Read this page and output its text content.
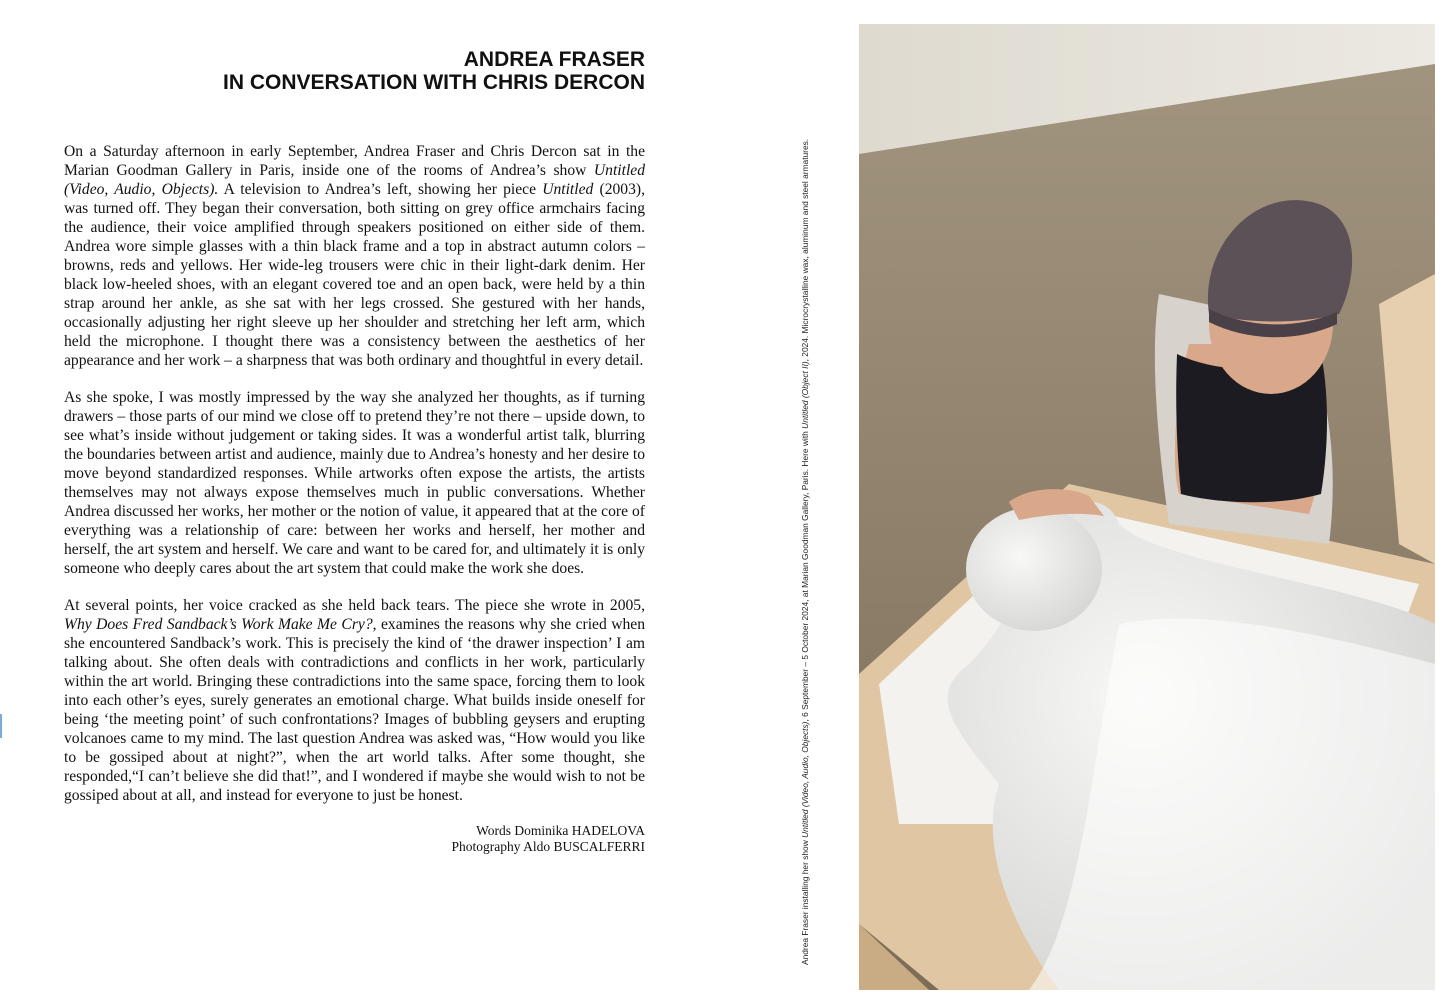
ANDREA FRASER
IN CONVERSATION WITH CHRIS DERCON

On a Saturday afternoon in early September, Andrea Fraser and Chris Dercon sat in the Marian Goodman Gallery in Paris, inside one of the rooms of Andrea’s show Untitled (Video, Audio, Objects). A television to Andrea’s left, showing her piece Untitled (2003), was turned off. They began their conversation, both sitting on grey office armchairs facing the audience, their voice amplified through speakers positioned on either side of them. Andrea wore simple glasses with a thin black frame and a top in abstract autumn colors – browns, reds and yellows. Her wide-leg trousers were chic in their light-dark denim. Her black low-heeled shoes, with an elegant covered toe and an open back, were held by a thin strap around her ankle, as she sat with her legs crossed. She gestured with her hands, occasionally adjusting her right sleeve up her shoulder and stretching her left arm, which held the microphone. I thought there was a consistency between the aesthetics of her appearance and her work – a sharpness that was both ordinary and thoughtful in every detail.

As she spoke, I was mostly impressed by the way she analyzed her thoughts, as if turning drawers – those parts of our mind we close off to pretend they’re not there – upside down, to see what’s inside without judgement or taking sides. It was a wonderful artist talk, blurring the boundaries between artist and audience, mainly due to Andrea’s honesty and her desire to move beyond standardized responses. While artworks often expose the artists, the artists themselves may not always expose themselves much in public conversations. Whether Andrea discussed her works, her mother or the notion of value, it appeared that at the core of everything was a relationship of care: between her works and herself, her mother and herself, the art system and herself. We care and want to be cared for, and ultimately it is only someone who deeply cares about the art system that could make the work she does.

At several points, her voice cracked as she held back tears. The piece she wrote in 2005, Why Does Fred Sandback’s Work Make Me Cry?, examines the reasons why she cried when she encountered Sandback’s work. This is precisely the kind of ‘the drawer inspection’ I am talking about. She often deals with contradictions and conflicts in her work, particularly within the art world. Bringing these contradictions into the same space, forcing them to look into each other’s eyes, surely generates an emotional charge. What builds inside oneself for being ‘the meeting point’ of such confrontations? Images of bubbling geysers and erupting volcanoes came to my mind. The last question Andrea was asked was, “How would you like to be gossiped about at night?”, when the art world talks. After some thought, she responded,“I can’t believe she did that!”, and I wondered if maybe she would wish to not be gossiped about at all, and instead for everyone to just be honest.

Words Dominika HADELOVA
Photography Aldo BUSCALFERRI	Andrea Fraser installing her show Untitled (Video, Audio, Objects), 6 September – 5 October 2024, at Marian Goodman Gallery, Paris. Here with Untitled (Object II), 2024. Microcrystalline wax, aluminum and steel armatures.
